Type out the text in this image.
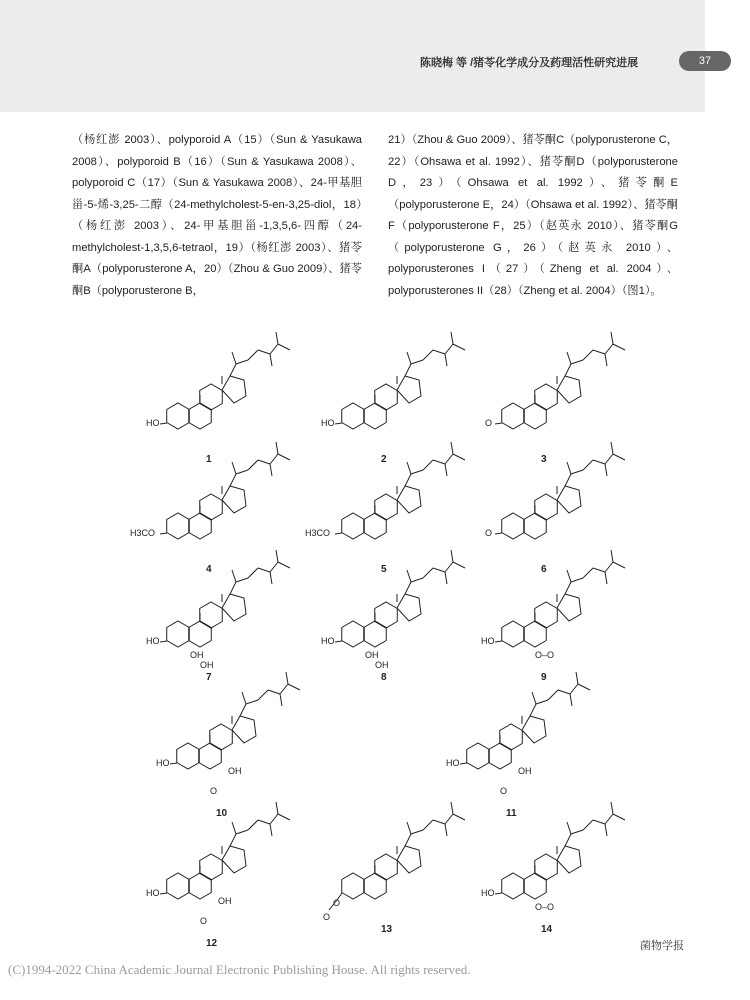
陈晓梅 等 /猪苓化学成分及药理活性研究进展	37

（杨红澎 2003）、polyporoid A（15）（Sun & Yasukawa 2008）、polyporoid B（16）（Sun & Yasukawa 2008）、polyporoid C（17）（Sun & Yasukawa 2008）、24-甲基胆甾-5-烯-3,25-二醇（24-methylcholest-5-en-3,25-diol，18）（杨红澎 2003）、24-甲基胆甾-1,3,5,6-四醇（24-methylcholest-1,3,5,6-tetraol，19）（杨红澎 2003）、猪苓酮A（polyporusterone A，20）（Zhou & Guo 2009）、猪苓酮B（polyporusterone B，

21）（Zhou & Guo 2009）、猪苓酮C（polyporusterone C，22）（Ohsawa et al. 1992）、猪苓酮D（polyporusterone D，23）（Ohsawa et al. 1992）、猪苓酮E（polyporusterone E，24）（Ohsawa et al. 1992）、猪苓酮F（polyporusterone F，25）（赵英永 2010）、猪苓酮G（polyporusterone G，26）（赵英永 2010）、polyporusterones I（27）（Zheng et al. 2004）、polyporusterones II（28）（Zheng et al. 2004）（图1）。

HO
1
HO
2
O
3
H3CO
4
H3CO
5
O
6
HO
OH
OH
7
HO
OH
OH
8
HO
O–O
9
HO
OH
O
10
HO
OH
O
11
HO
OH
O
12
O
O
13
HO
O–O
14
菌物学报
(C)1994-2022 China Academic Journal Electronic Publishing House. All rights reserved.
